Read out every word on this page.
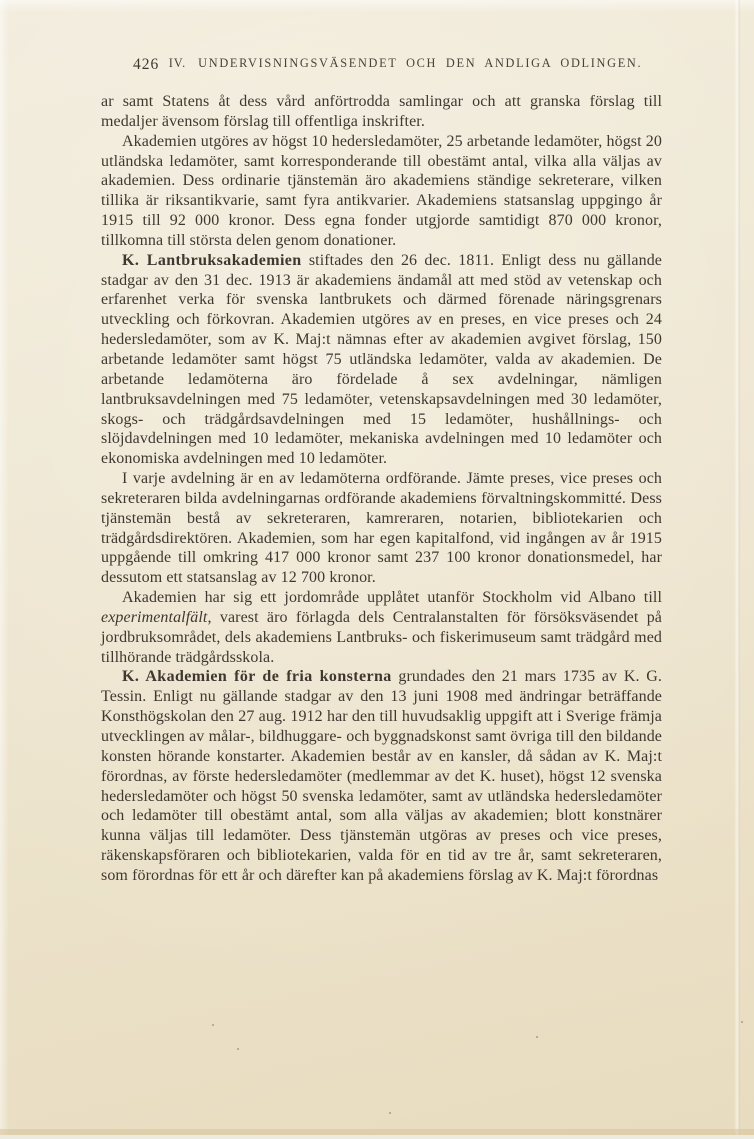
426 IV. UNDERVISNINGSVÄSENDET OCH DEN ANDLIGA ODLINGEN.

ar samt Statens åt dess vård anförtrodda samlingar och att granska förslag till medaljer ävensom förslag till offentliga inskrifter.

Akademien utgöres av högst 10 hedersledamöter, 25 arbetande ledamöter, högst 20 utländska ledamöter, samt korresponderande till obestämt antal, vilka alla väljas av akademien. Dess ordinarie tjänstemän äro akademiens ständige sekreterare, vilken tillika är riksantikvarie, samt fyra antikvarier. Akademiens statsanslag uppgingo år 1915 till 92 000 kronor. Dess egna fonder utgjorde samtidigt 870 000 kronor, tillkomna till största delen genom donationer.

K. Lantbruksakademien stiftades den 26 dec. 1811. Enligt dess nu gällande stadgar av den 31 dec. 1913 är akademiens ändamål att med stöd av vetenskap och erfarenhet verka för svenska lantbrukets och därmed förenade näringsgrenars utveckling och förkovran. Akademien utgöres av en preses, en vice preses och 24 hedersledamöter, som av K. Maj:t nämnas efter av akademien avgivet förslag, 150 arbetande ledamöter samt högst 75 utländska ledamöter, valda av akademien. De arbetande ledamöterna äro fördelade å sex avdelningar, nämligen lantbruksavdelningen med 75 ledamöter, vetenskapsavdelningen med 30 ledamöter, skogs- och trädgårdsavdelningen med 15 ledamöter, hushållnings- och slöjdavdelningen med 10 ledamöter, mekaniska avdelningen med 10 ledamöter och ekonomiska avdelningen med 10 ledamöter.

I varje avdelning är en av ledamöterna ordförande. Jämte preses, vice preses och sekreteraren bilda avdelningarnas ordförande akademiens förvaltningskommitté. Dess tjänstemän bestå av sekreteraren, kamreraren, notarien, bibliotekarien och trädgårdsdirektören. Akademien, som har egen kapitalfond, vid ingången av år 1915 uppgående till omkring 417 000 kronor samt 237 100 kronor donationsmedel, har dessutom ett statsanslag av 12 700 kronor.

Akademien har sig ett jordområde upplåtet utanför Stockholm vid Albano till experimentalfält, varest äro förlagda dels Centralanstalten för försöksväsendet på jordbruksområdet, dels akademiens Lantbruks- och fiskerimuseum samt trädgård med tillhörande trädgårdsskola.

K. Akademien för de fria konsterna grundades den 21 mars 1735 av K. G. Tessin. Enligt nu gällande stadgar av den 13 juni 1908 med ändringar beträffande Konsthögskolan den 27 aug. 1912 har den till huvudsaklig uppgift att i Sverige främja utvecklingen av målar-, bildhuggare- och byggnadskonst samt övriga till den bildande konsten hörande konstarter. Akademien består av en kansler, då sådan av K. Maj:t förordnas, av förste hedersledamöter (medlemmar av det K. huset), högst 12 svenska hedersledamöter och högst 50 svenska ledamöter, samt av utländska hedersledamöter och ledamöter till obestämt antal, som alla väljas av akademien; blott konstnärer kunna väljas till ledamöter. Dess tjänstemän utgöras av preses och vice preses, räkenskapsföraren och bibliotekarien, valda för en tid av tre år, samt sekreteraren, som förordnas för ett år och därefter kan på akademiens förslag av K. Maj:t förordnas
